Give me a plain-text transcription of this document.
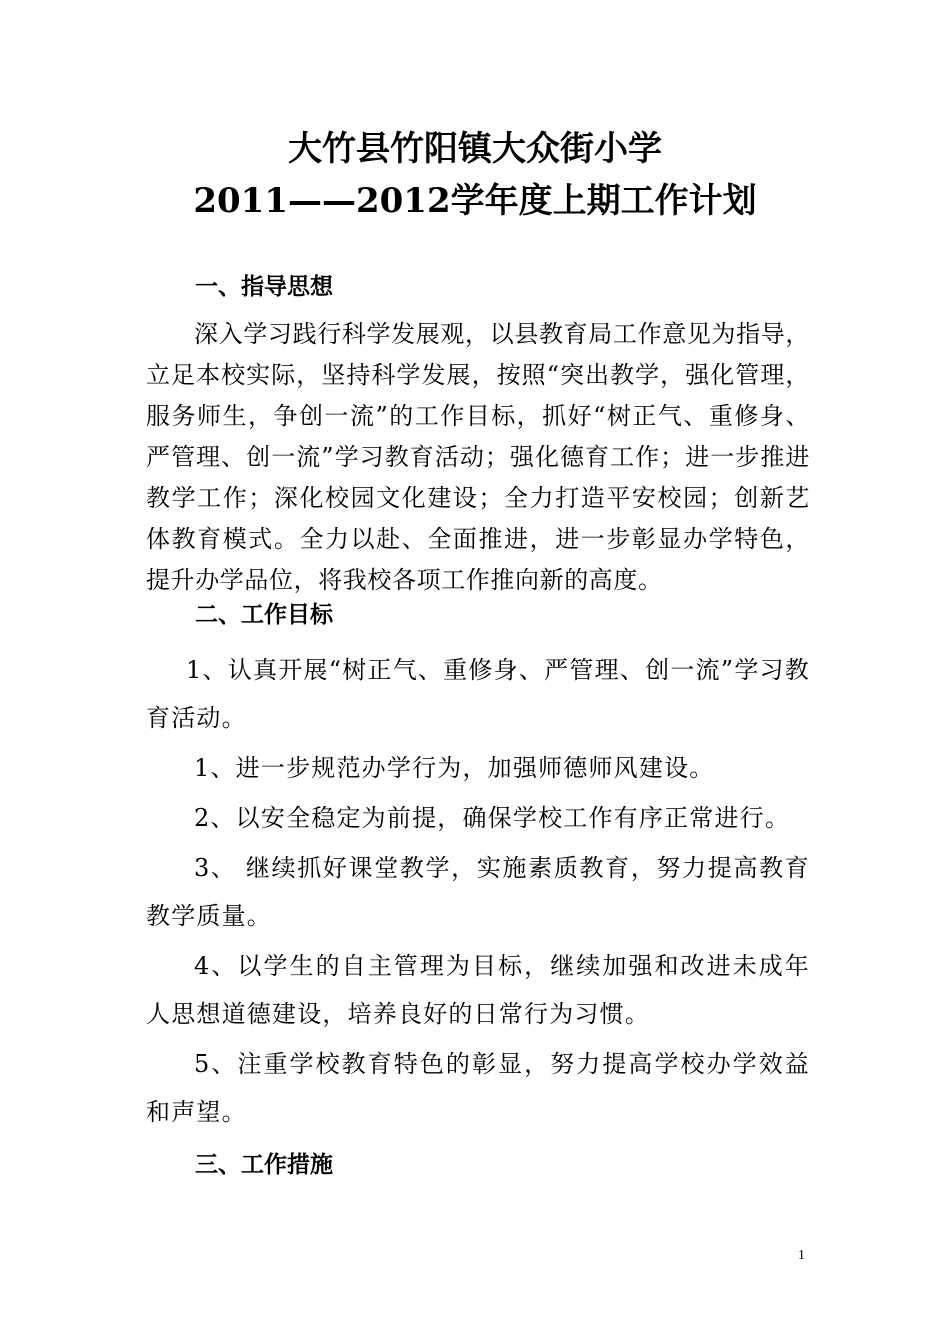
大竹县竹阳镇大众街小学
2011——2012学年度上期工作计划
一、指导思想
深入学习践行科学发展观，以县教育局工作意见为指导，立足本校实际，坚持科学发展，按照“突出教学，强化管理，服务师生，争创一流”的工作目标，抓好“树正气、重修身、严管理、创一流”学习教育活动；强化德育工作；进一步推进教学工作；深化校园文化建设；全力打造平安校园；创新艺体教育模式。全力以赴、全面推进，进一步彰显办学特色，提升办学品位，将我校各项工作推向新的高度。
二、工作目标
1、认真开展“树正气、重修身、严管理、创一流”学习教育活动。
1、进一步规范办学行为，加强师德师风建设。
2、以安全稳定为前提，确保学校工作有序正常进行。
3、 继续抓好课堂教学，实施素质教育，努力提高教育教学质量。
4、以学生的自主管理为目标，继续加强和改进未成年人思想道德建设，培养良好的日常行为习惯。
5、注重学校教育特色的彰显，努力提高学校办学效益和声望。
三、工作措施
1
